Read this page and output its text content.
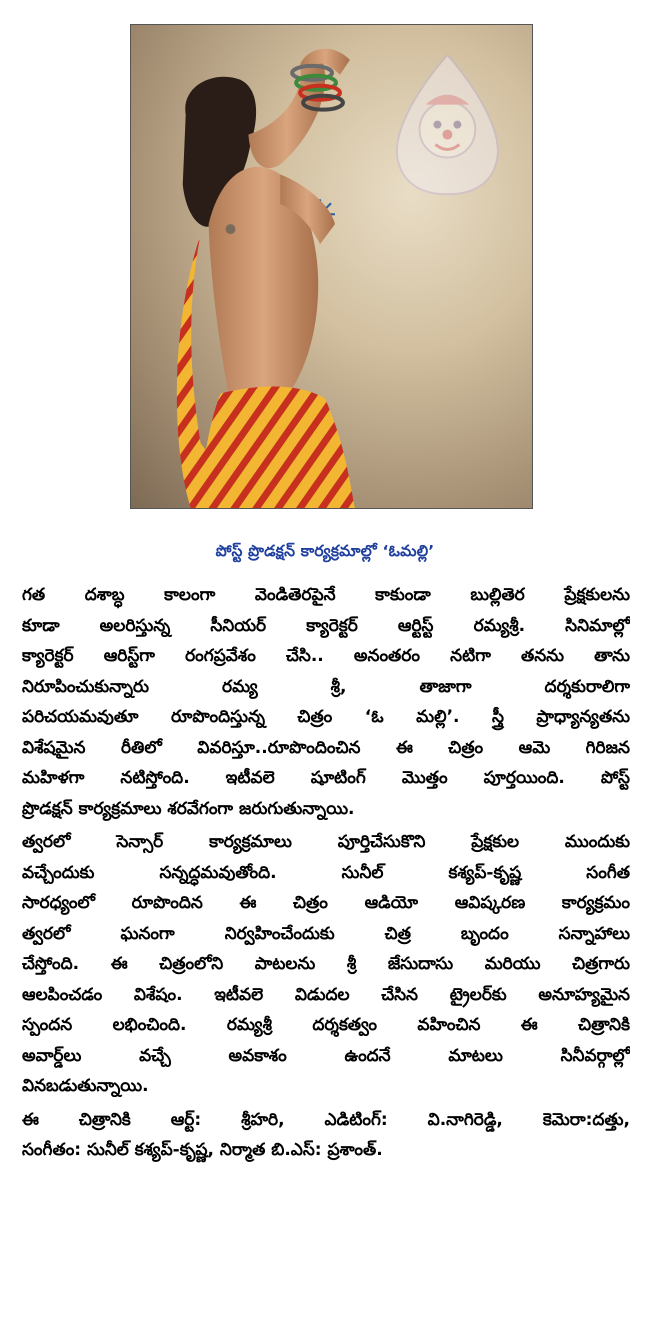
పోస్ట్ ప్రొడక్షన్ కార్యక్రమాల్లో ‘ఓమల్లి’

గత దశాబ్ధ కాలంగా వెండితెరపైనే కాకుండా బుల్లితెర ప్రేక్షకులను

కూడా అలరిస్తున్న సీనియర్ క్యారెక్టర్ ఆర్టిస్ట్ రమ్యశ్రీ. సినిమాల్లో

క్యారెక్టర్ ఆరిస్ట్‌గా రంగప్రవేశం చేసి.. అనంతరం నటిగా తనను తాను

నిరూపించుకున్నారు రమ్య శ్రీ, తాజాగా దర్శకురాలిగా

పరిచయమవుతూ రూపొందిస్తున్న చిత్రం ‘ఓ మల్లి’. స్త్రీ ప్రాధ్యాన్యతను

విశేషమైన రీతిలో వివరిస్తూ..రూపొందించిన ఈ చిత్రం ఆమె గిరిజన

మహిళగా నటిస్తోంది. ఇటీవలె షూటింగ్ మొత్తం పూర్తయింది. పోస్ట్

ప్రొడక్షన్ కార్యక్రమాలు శరవేగంగా జరుగుతున్నాయి.

త్వరలో సెన్సార్ కార్యక్రమాలు పూర్తిచేసుకొని ప్రేక్షకుల ముందుకు

వచ్చేందుకు సన్నద్ధమవుతోంది. సునీల్ కశ్యప్-కృష్ణ సంగీత

సారధ్యంలో రూపొందిన ఈ చిత్రం ఆడియో ఆవిష్కరణ కార్యక్రమం

త్వరలో ఘనంగా నిర్వహించేందుకు చిత్ర బృందం సన్నాహాలు

చేస్తోంది. ఈ చిత్రంలోని పాటలను శ్రీ జేసుదాసు మరియు చిత్రగారు

ఆలపించడం విశేషం. ఇటీవలె విడుదల చేసిన ట్రైలర్‌కు అనూహ్యమైన

స్పందన లభించింది. రమ్యశ్రీ దర్శకత్వం వహించిన ఈ చిత్రానికి

అవార్డ్‌లు వచ్చే అవకాశం ఉందనే మాటలు సినీవర్గాల్లో

వినబడుతున్నాయి.

ఈ చిత్రానికి ఆర్ట్: శ్రీహరి, ఎడిటింగ్: వి.నాగిరెడ్డి, కెమెరా:దత్తు,

సంగీతం: సునీల్ కశ్యప్-కృష్ణ, నిర్మాత బి.ఎస్: ప్రశాంత్.
